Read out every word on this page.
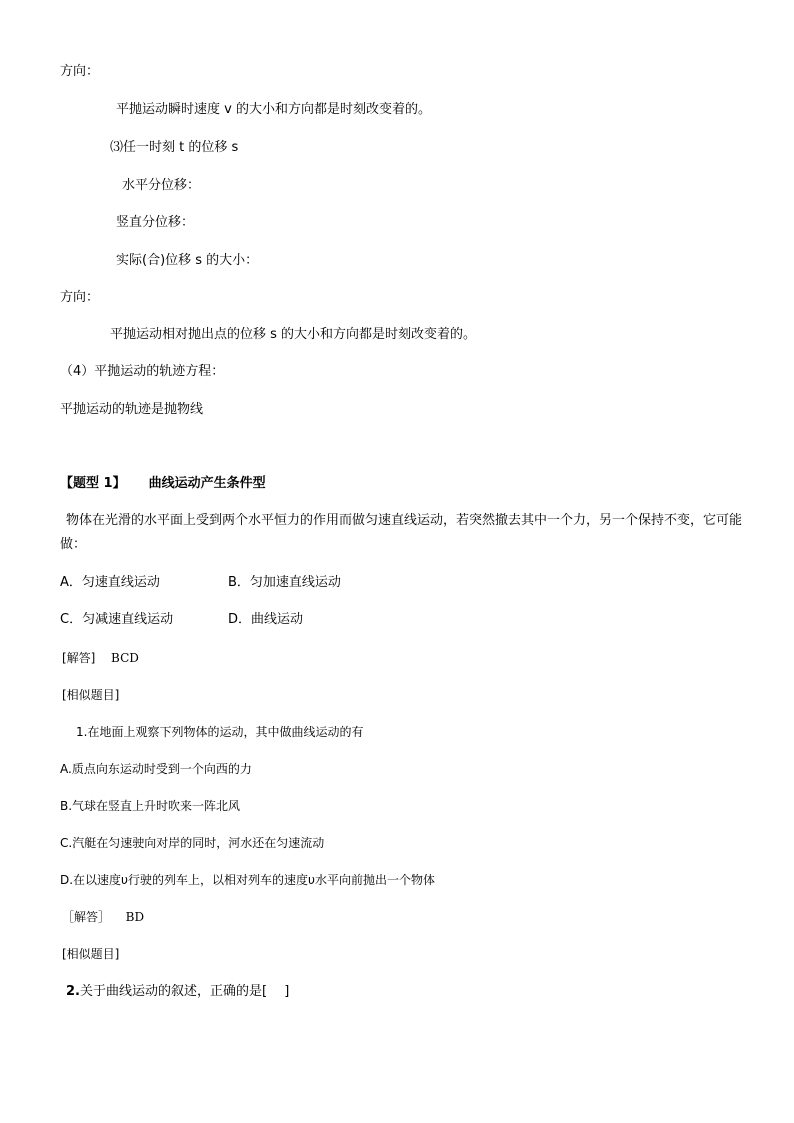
方向：
平抛运动瞬时速度 v 的大小和方向都是时刻改变着的。
⑶任一时刻 t 的位移 s
水平分位移：
竖直分位移：
实际(合)位移 s 的大小：
方向：
平抛运动相对抛出点的位移 s 的大小和方向都是时刻改变着的。
（4）平抛运动的轨迹方程：
平抛运动的轨迹是抛物线
【题型 1】 曲线运动产生条件型
物体在光滑的水平面上受到两个水平恒力的作用而做匀速直线运动，若突然撤去其中一个力，另一个保持不变，它可能做：
A．匀速直线运动	B．匀加速直线运动
C．匀减速直线运动	D．曲线运动
[解答] BCD
[相似题目]
1.在地面上观察下列物体的运动，其中做曲线运动的有
A.质点向东运动时受到一个向西的力
B.气球在竖直上升时吹来一阵北风
C.汽艇在匀速驶向对岸的同时，河水还在匀速流动
D.在以速度υ行驶的列车上，以相对列车的速度υ水平向前抛出一个物体
［解答］ BD
[相似题目]
2.关于曲线运动的叙述，正确的是[　 ]
